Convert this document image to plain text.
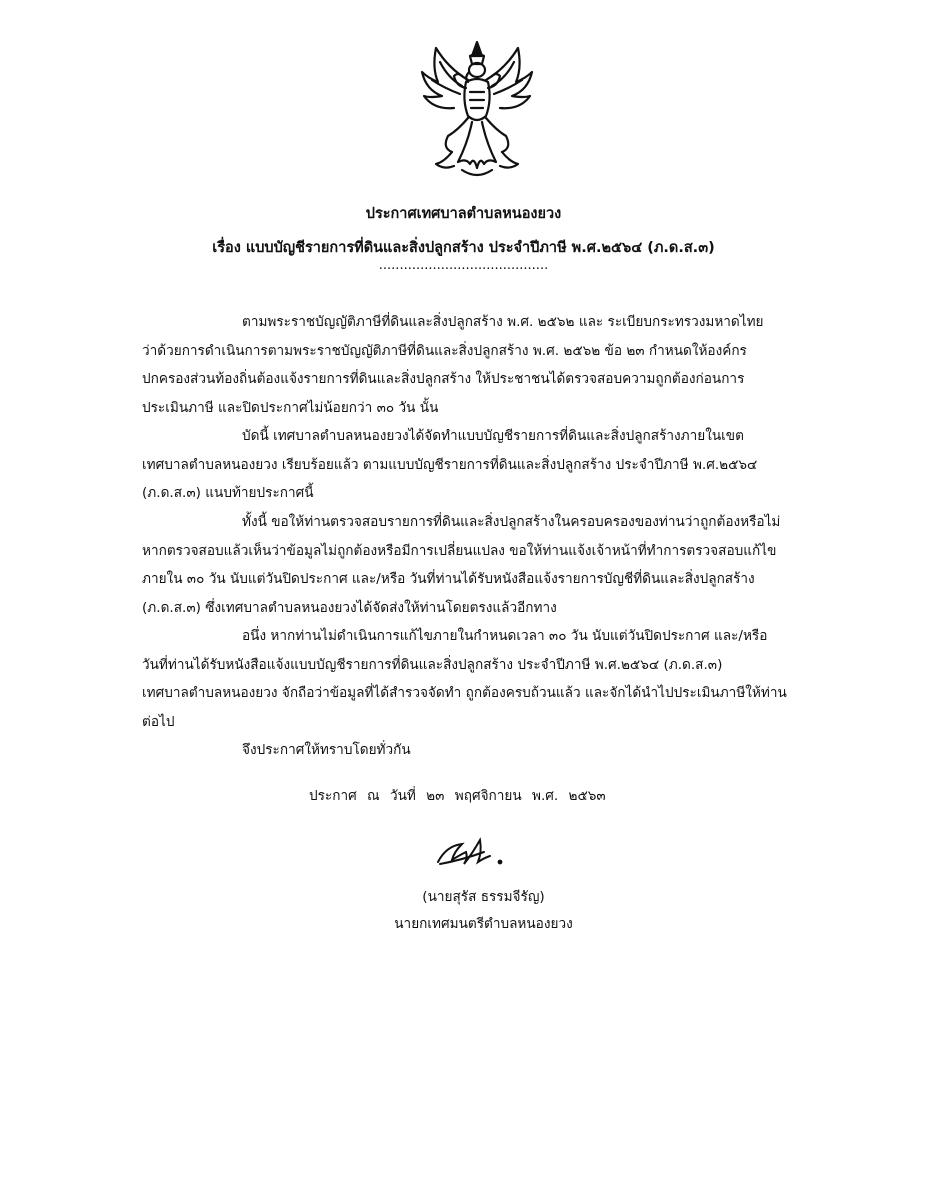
ประกาศเทศบาลตำบลหนองยวง
เรื่อง แบบบัญชีรายการที่ดินและสิ่งปลูกสร้าง ประจำปีภาษี พ.ศ.๒๕๖๔ (ภ.ด.ส.๓)
.........................................
ตามพระราชบัญญัติภาษีที่ดินและสิ่งปลูกสร้าง พ.ศ. ๒๕๖๒ และ ระเบียบกระทรวงมหาดไทย
ว่าด้วยการดำเนินการตามพระราชบัญญัติภาษีที่ดินและสิ่งปลูกสร้าง พ.ศ. ๒๕๖๒ ข้อ ๒๓ กำหนดให้องค์กร
ปกครองส่วนท้องถิ่นต้องแจ้งรายการที่ดินและสิ่งปลูกสร้าง ให้ประชาชนได้ตรวจสอบความถูกต้องก่อนการ
ประเมินภาษี และปิดประกาศไม่น้อยกว่า ๓๐ วัน นั้น
บัดนี้ เทศบาลตำบลหนองยวงได้จัดทำแบบบัญชีรายการที่ดินและสิ่งปลูกสร้างภายในเขต
เทศบาลตำบลหนองยวง เรียบร้อยแล้ว ตามแบบบัญชีรายการที่ดินและสิ่งปลูกสร้าง ประจำปีภาษี พ.ศ.๒๕๖๔
(ภ.ด.ส.๓) แนบท้ายประกาศนี้
ทั้งนี้ ขอให้ท่านตรวจสอบรายการที่ดินและสิ่งปลูกสร้างในครอบครองของท่านว่าถูกต้องหรือไม่
หากตรวจสอบแล้วเห็นว่าข้อมูลไม่ถูกต้องหรือมีการเปลี่ยนแปลง ขอให้ท่านแจ้งเจ้าหน้าที่ทำการตรวจสอบแก้ไข
ภายใน ๓๐ วัน นับแต่วันปิดประกาศ และ/หรือ วันที่ท่านได้รับหนังสือแจ้งรายการบัญชีที่ดินและสิ่งปลูกสร้าง
(ภ.ด.ส.๓) ซึ่งเทศบาลตำบลหนองยวงได้จัดส่งให้ท่านโดยตรงแล้วอีกทาง
อนึ่ง หากท่านไม่ดำเนินการแก้ไขภายในกำหนดเวลา ๓๐ วัน นับแต่วันปิดประกาศ และ/หรือ
วันที่ท่านได้รับหนังสือแจ้งแบบบัญชีรายการที่ดินและสิ่งปลูกสร้าง ประจำปีภาษี พ.ศ.๒๕๖๔ (ภ.ด.ส.๓)
เทศบาลตำบลหนองยวง จักถือว่าข้อมูลที่ได้สำรวจจัดทำ ถูกต้องครบถ้วนแล้ว และจักได้นำไปประเมินภาษีให้ท่าน
ต่อไป
จึงประกาศให้ทราบโดยทั่วกัน
ประกาศ ณ วันที่ ๒๓ พฤศจิกายน พ.ศ. ๒๕๖๓
(นายสุรัส ธรรมจีรัญ)
นายกเทศมนตรีตำบลหนองยวง
